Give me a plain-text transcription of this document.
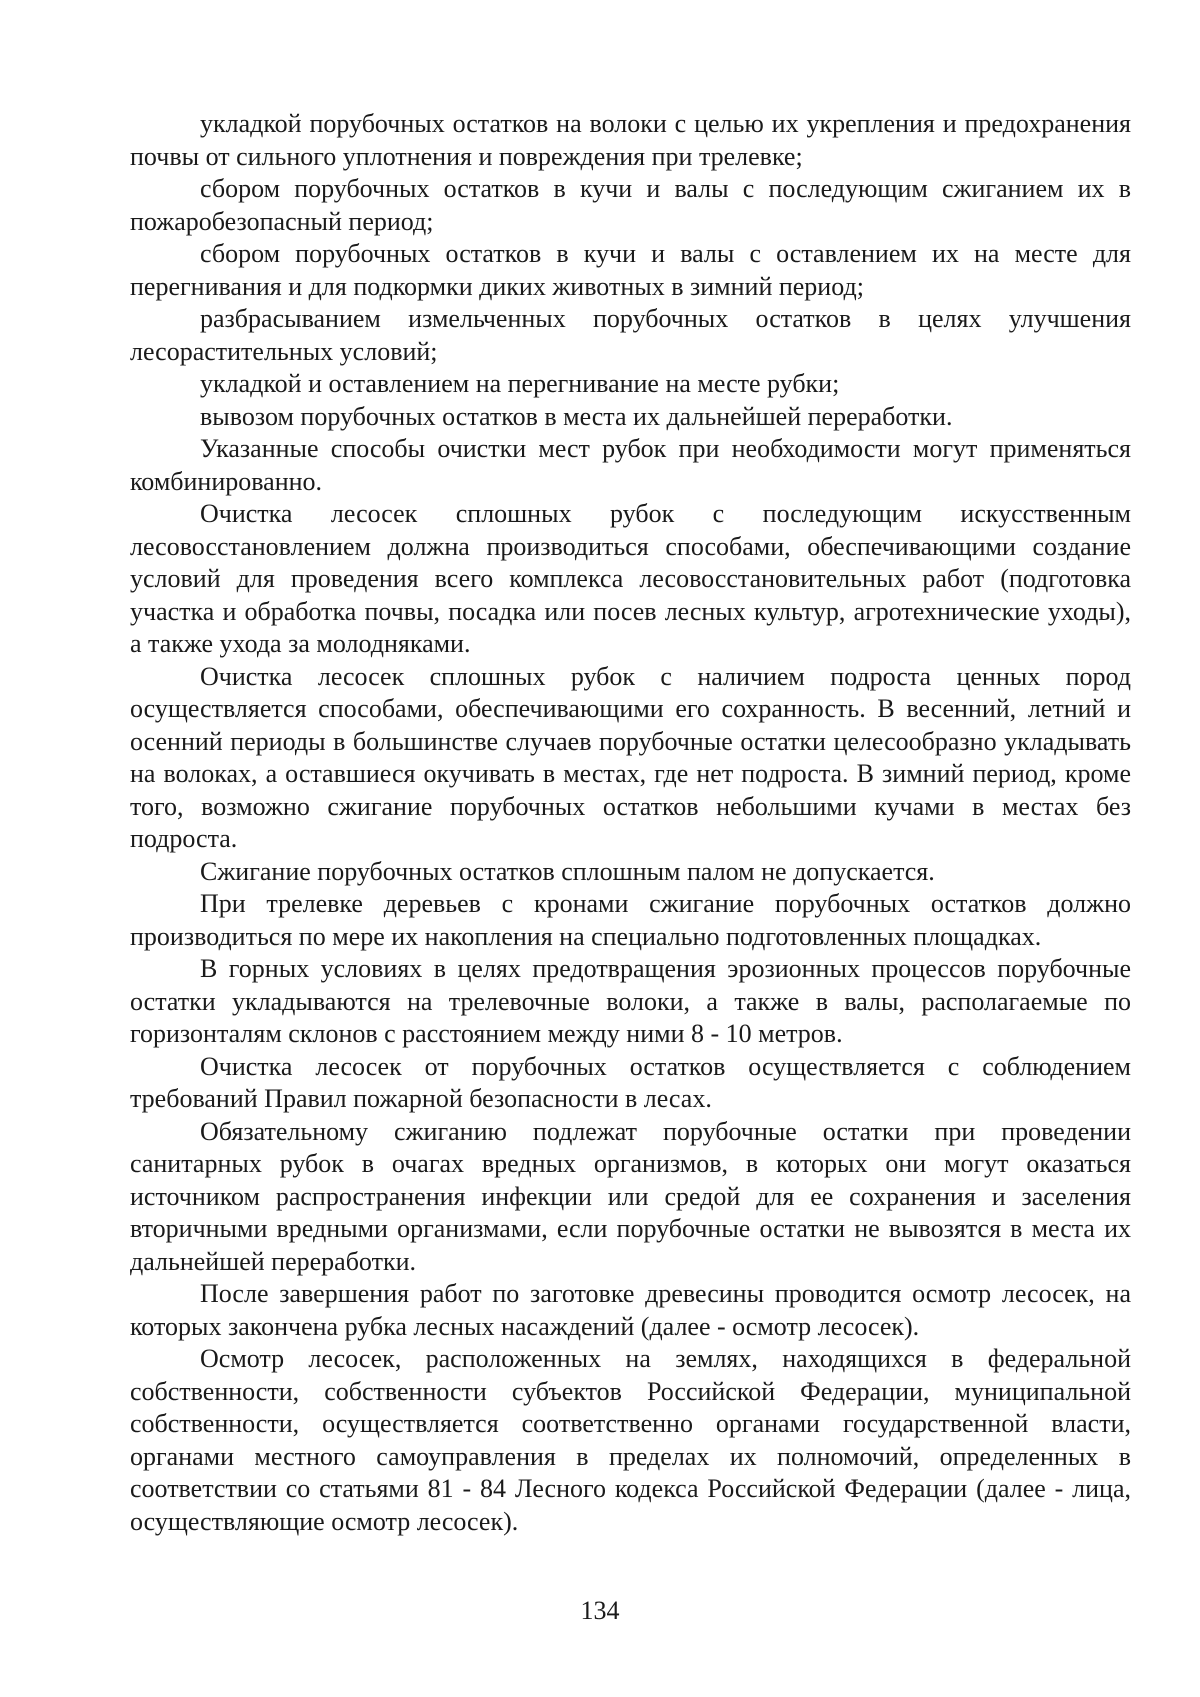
укладкой порубочных остатков на волоки с целью их укрепления и предохранения почвы от сильного уплотнения и повреждения при трелевке;

сбором порубочных остатков в кучи и валы с последующим сжиганием их в пожаробезопасный период;

сбором порубочных остатков в кучи и валы с оставлением их на месте для перегнивания и для подкормки диких животных в зимний период;

разбрасыванием измельченных порубочных остатков в целях улучшения лесорастительных условий;

укладкой и оставлением на перегнивание на месте рубки;

вывозом порубочных остатков в места их дальнейшей переработки.

Указанные способы очистки мест рубок при необходимости могут применяться комбинированно.

Очистка лесосек сплошных рубок с последующим искусственным лесовосстановлением должна производиться способами, обеспечивающими создание условий для проведения всего комплекса лесовосстановительных работ (подготовка участка и обработка почвы, посадка или посев лесных культур, агротехнические уходы), а также ухода за молодняками.

Очистка лесосек сплошных рубок с наличием подроста ценных пород осуществляется способами, обеспечивающими его сохранность. В весенний, летний и осенний периоды в большинстве случаев порубочные остатки целесообразно укладывать на волоках, а оставшиеся окучивать в местах, где нет подроста. В зимний период, кроме того, возможно сжигание порубочных остатков небольшими кучами в местах без подроста.

Сжигание порубочных остатков сплошным палом не допускается.

При трелевке деревьев с кронами сжигание порубочных остатков должно производиться по мере их накопления на специально подготовленных площадках.

В горных условиях в целях предотвращения эрозионных процессов порубочные остатки укладываются на трелевочные волоки, а также в валы, располагаемые по горизонталям склонов с расстоянием между ними 8 - 10 метров.

Очистка лесосек от порубочных остатков осуществляется с соблюдением требований Правил пожарной безопасности в лесах.

Обязательному сжиганию подлежат порубочные остатки при проведении санитарных рубок в очагах вредных организмов, в которых они могут оказаться источником распространения инфекции или средой для ее сохранения и заселения вторичными вредными организмами, если порубочные остатки не вывозятся в места их дальнейшей переработки.

После завершения работ по заготовке древесины проводится осмотр лесосек, на которых закончена рубка лесных насаждений (далее - осмотр лесосек).

Осмотр лесосек, расположенных на землях, находящихся в федеральной собственности, собственности субъектов Российской Федерации, муниципальной собственности, осуществляется соответственно органами государственной власти, органами местного самоуправления в пределах их полномочий, определенных в соответствии со статьями 81 - 84 Лесного кодекса Российской Федерации (далее - лица, осуществляющие осмотр лесосек).

134
